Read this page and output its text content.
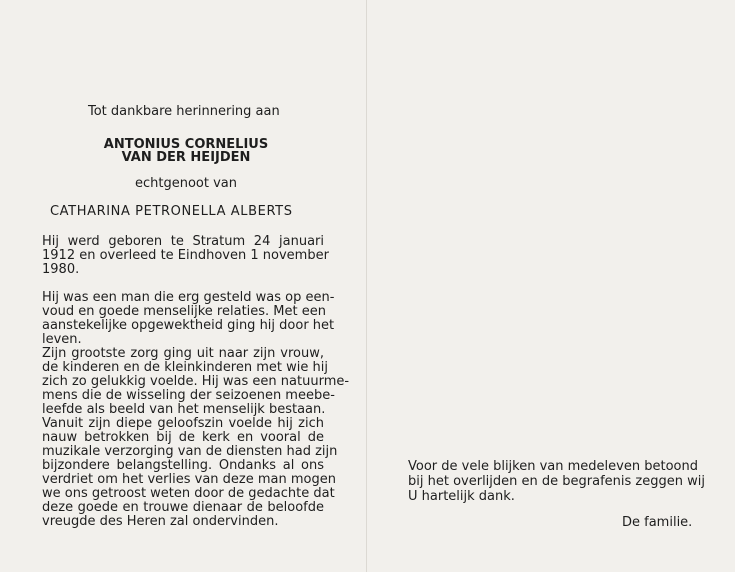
Tot dankbare herinnering aan
ANTONIUS CORNELIUS
VAN DER HEIJDEN
echtgenoot van
CATHARINA PETRONELLA ALBERTS
Hij werd geboren te Stratum 24 januari
1912 en overleed te Eindhoven 1 november
1980.
Hij was een man die erg gesteld was op een-
voud en goede menselijke relaties. Met een
aanstekelijke opgewektheid ging hij door het
leven.
Zijn grootste zorg ging uit naar zijn vrouw,
de kinderen en de kleinkinderen met wie hij
zich zo gelukkig voelde. Hij was een natuurme-
mens die de wisseling der seizoenen meebe-
leefde als beeld van het menselijk bestaan.
Vanuit zijn diepe geloofszin voelde hij zich
nauw betrokken bij de kerk en vooral de
muzikale verzorging van de diensten had zijn
bijzondere belangstelling. Ondanks al ons
verdriet om het verlies van deze man mogen
we ons getroost weten door de gedachte dat
deze goede en trouwe dienaar de beloofde
vreugde des Heren zal ondervinden.
Voor de vele blijken van medeleven betoond
bij het overlijden en de begrafenis zeggen wij
U hartelijk dank.
De familie.
